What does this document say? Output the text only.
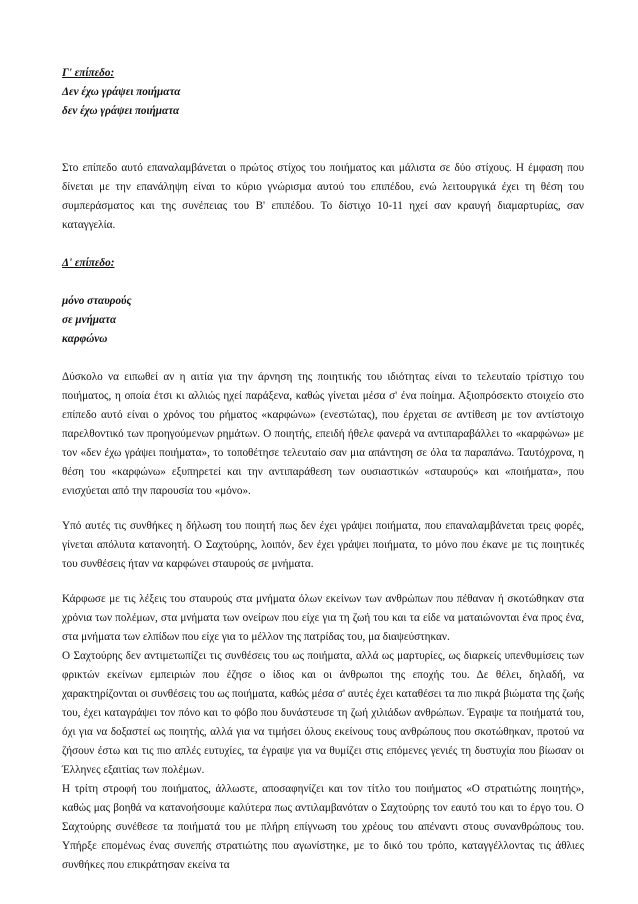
Γ' επίπεδο:

Δεν έχω γράψει ποιήματα

δεν έχω γράψει ποιήματα

Στο επίπεδο αυτό επαναλαμβάνεται ο πρώτος στίχος του ποιήματος και μάλιστα σε δύο στίχους. Η έμφαση που δίνεται με την επανάληψη είναι το κύριο γνώρισμα αυτού του επιπέδου, ενώ λειτουργικά έχει τη θέση του συμπεράσματος και της συνέπειας του Β' επιπέδου. Το δίστιχο 10-11 ηχεί σαν κραυγή διαμαρτυρίας, σαν καταγγελία.

Δ' επίπεδο:

μόνο σταυρούς

σε μνήματα

καρφώνω

Δύσκολο να ειπωθεί αν η αιτία για την άρνηση της ποιητικής του ιδιότητας είναι το τελευταίο τρίστιχο του ποιήματος, η οποία έτσι κι αλλιώς ηχεί παράξενα, καθώς γίνεται μέσα σ' ένα ποίημα. Αξιοπρόσεκτο στοιχείο στο επίπεδο αυτό είναι ο χρόνος του ρήματος «καρφώνω» (ενεστώτας), που έρχεται σε αντίθεση με τον αντίστοιχο παρελθοντικό των προηγούμενων ρημάτων. Ο ποιητής, επειδή ήθελε φανερά να αντιπαραβάλλει το «καρφώνω» με τον «δεν έχω γράψει ποιήματα», το τοποθέτησε τελευταίο σαν μια απάντηση σε όλα τα παραπάνω. Ταυτόχρονα, η θέση του «καρφώνω» εξυπηρετεί και την αντιπαράθεση των ουσιαστικών «σταυρούς» και «ποιήματα», που ενισχύεται από την παρουσία του «μόνο».

Υπό αυτές τις συνθήκες η δήλωση του ποιητή πως δεν έχει γράψει ποιήματα, που επαναλαμβάνεται τρεις φορές, γίνεται απόλυτα κατανοητή. Ο Σαχτούρης, λοιπόν, δεν έχει γράψει ποιήματα, το μόνο που έκανε με τις ποιητικές του συνθέσεις ήταν να καρφώνει σταυρούς σε μνήματα.

Κάρφωσε με τις λέξεις του σταυρούς στα μνήματα όλων εκείνων των ανθρώπων που πέθαναν ή σκοτώθηκαν στα χρόνια των πολέμων, στα μνήματα των ονείρων που είχε για τη ζωή του και τα είδε να ματαιώνονται ένα προς ένα, στα μνήματα των ελπίδων που είχε για το μέλλον της πατρίδας του, μα διαψεύστηκαν.

Ο Σαχτούρης δεν αντιμετωπίζει τις συνθέσεις του ως ποιήματα, αλλά ως μαρτυρίες, ως διαρκείς υπενθυμίσεις των φρικτών εκείνων εμπειριών που έζησε ο ίδιος και οι άνθρωποι της εποχής του. Δε θέλει, δηλαδή, να χαρακτηρίζονται οι συνθέσεις του ως ποιήματα, καθώς μέσα σ' αυτές έχει καταθέσει τα πιο πικρά βιώματα της ζωής του, έχει καταγράψει τον πόνο και το φόβο που δυνάστευσε τη ζωή χιλιάδων ανθρώπων. Έγραψε τα ποιήματά του, όχι για να δοξαστεί ως ποιητής, αλλά για να τιμήσει όλους εκείνους τους ανθρώπους που σκοτώθηκαν, προτού να ζήσουν έστω και τις πιο απλές ευτυχίες, τα έγραψε για να θυμίζει στις επόμενες γενιές τη δυστυχία που βίωσαν οι Έλληνες εξαιτίας των πολέμων.

Η τρίτη στροφή του ποιήματος, άλλωστε, αποσαφηνίζει και τον τίτλο του ποιήματος «Ο στρατιώτης ποιητής», καθώς μας βοηθά να κατανοήσουμε καλύτερα πως αντιλαμβανόταν ο Σαχτούρης τον εαυτό του και το έργο του. Ο Σαχτούρης συνέθεσε τα ποιήματά του με πλήρη επίγνωση του χρέους του απέναντι στους συνανθρώπους του. Υπήρξε επομένως ένας συνεπής στρατιώτης που αγωνίστηκε, με το δικό του τρόπο, καταγγέλλοντας τις άθλιες συνθήκες που επικράτησαν εκείνα τα
